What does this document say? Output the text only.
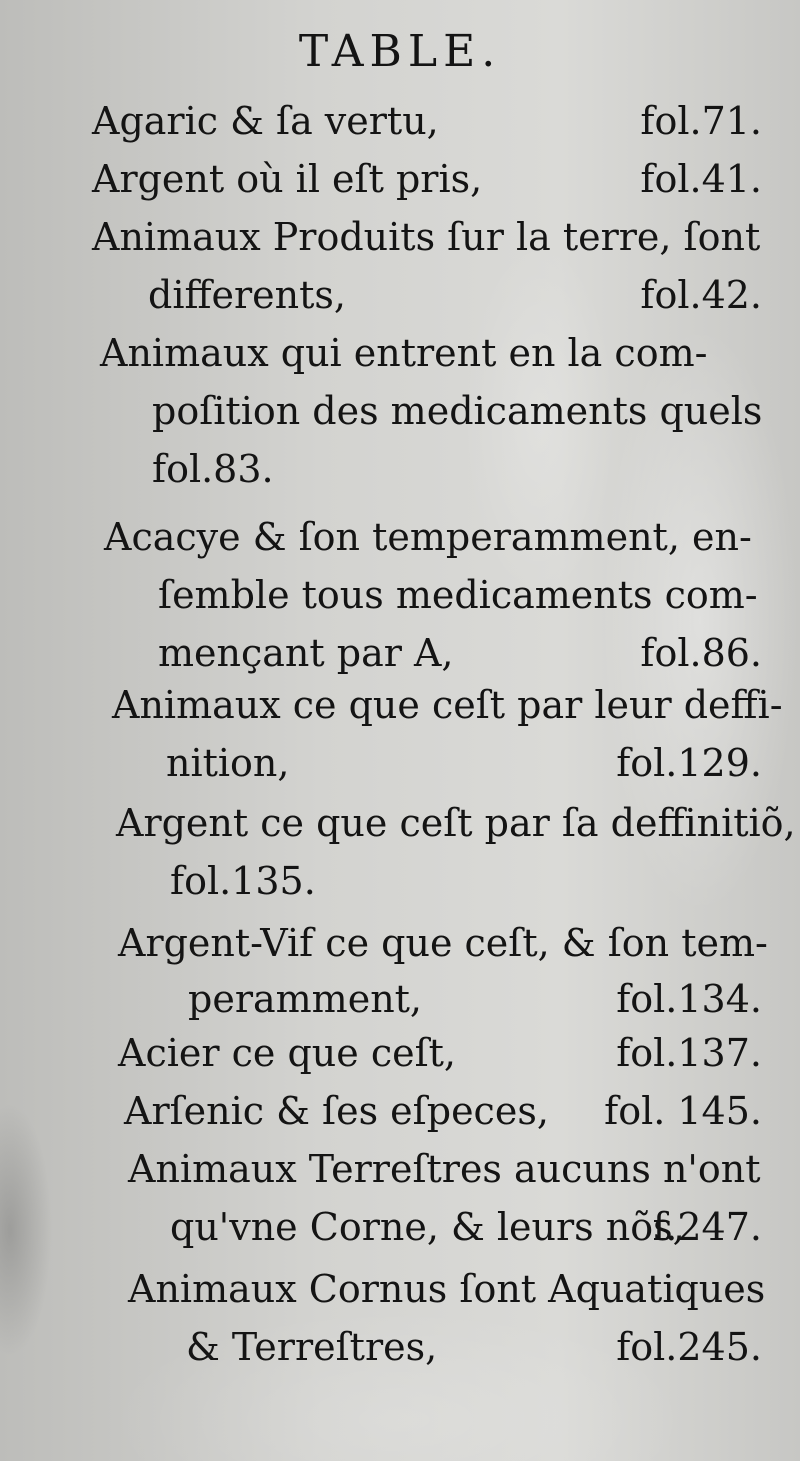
TABLE.
Agaric & ſa vertu,	fol.71.
Argent où il eſt pris,	fol.41.
Animaux Produits ſur la terre, ſont
differents,	fol.42.
Animaux qui entrent en la com-
poſition des medicaments quels
fol.83.
Acacye & ſon temperamment, en-
ſemble tous medicaments com-
mençant par A,	fol.86.
Animaux ce que ceſt par leur deffi-
nition,	fol.129.
Argent ce que ceſt par ſa deffinitiõ,
fol.135.
Argent-Vif ce que ceſt, & ſon tem-
peramment,	fol.134.
Acier ce que ceſt,	fol.137.
Arſenic & ſes eſpeces, fol. 145.
Animaux Terreſtres aucuns n'ont
qu'vne Corne, & leurs nõs,
f.247.
Animaux Cornus ſont Aquatiques
& Terreſtres,	fol.245.
